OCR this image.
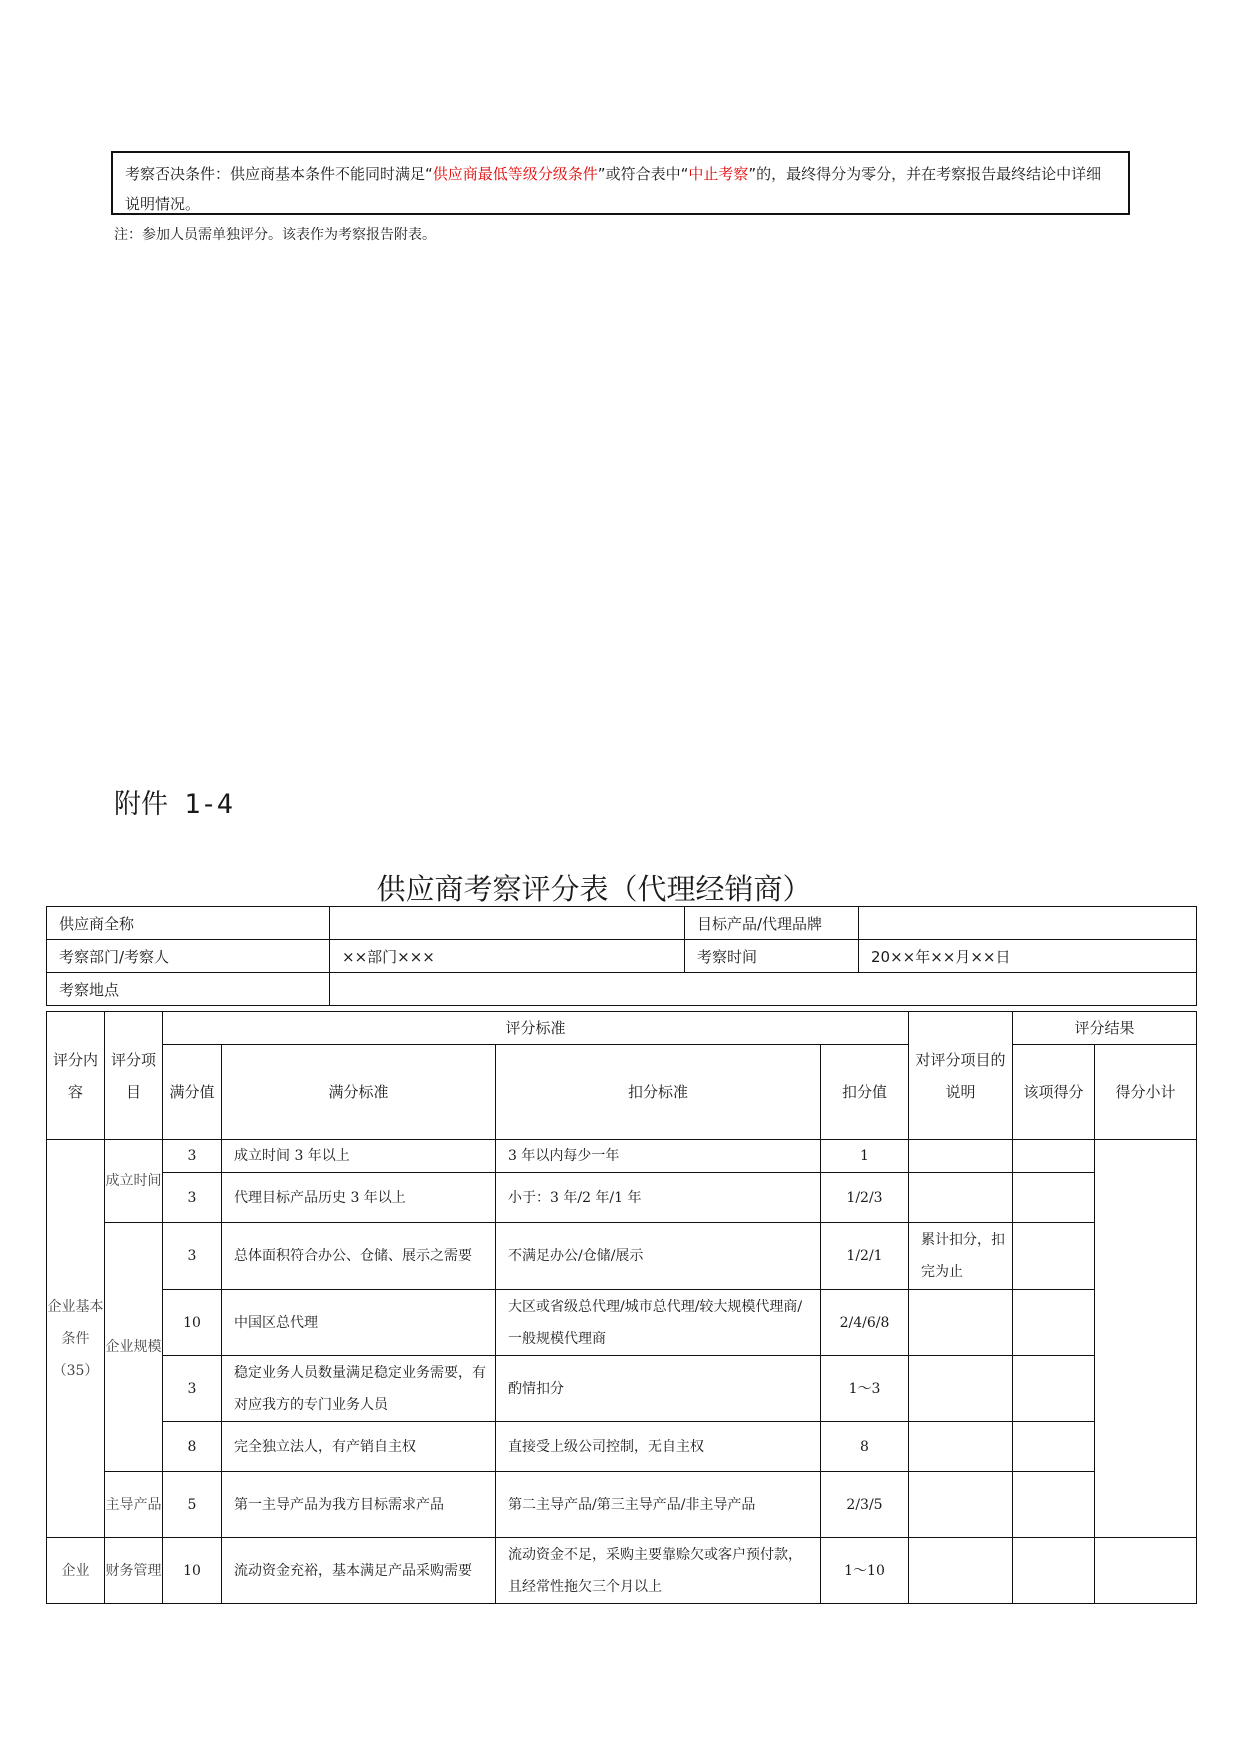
考察否决条件：供应商基本条件不能同时满足“供应商最低等级分级条件”或符合表中“中止考察”的，最终得分为零分，并在考察报告最终结论中详细说明情况。
注：参加人员需单独评分。该表作为考察报告附表。
附件 1-4
供应商考察评分表（代理经销商）
供应商全称		目标产品/代理品牌	
考察部门/考察人	××部门×××	考察时间	20××年××月××日
考察地点			
评分内容	评分项目	评分标准				对评分项目的说明	评分结果	
		满分值	满分标准	扣分标准	扣分值		该项得分	得分小计
企业基本条件（35）	成立时间	3	成立时间 3 年以上	3 年以内每少一年	1			
		3	代理目标产品历史 3 年以上	小于：3 年/2 年/1 年	1/2/3			
	企业规模	3	总体面积符合办公、仓储、展示之需要	不满足办公/仓储/展示	1/2/1	累计扣分，扣完为止		
		10	中国区总代理	大区或省级总代理/城市总代理/较大规模代理商/一般规模代理商	2/4/6/8			
		3	稳定业务人员数量满足稳定业务需要，有对应我方的专门业务人员	酌情扣分	1～3			
		8	完全独立法人，有产销自主权	直接受上级公司控制，无自主权	8			
	主导产品	5	第一主导产品为我方目标需求产品	第二主导产品/第三主导产品/非主导产品	2/3/5			
企业	财务管理	10	流动资金充裕，基本满足产品采购需要	流动资金不足，采购主要靠赊欠或客户预付款，且经常性拖欠三个月以上	1～10			
